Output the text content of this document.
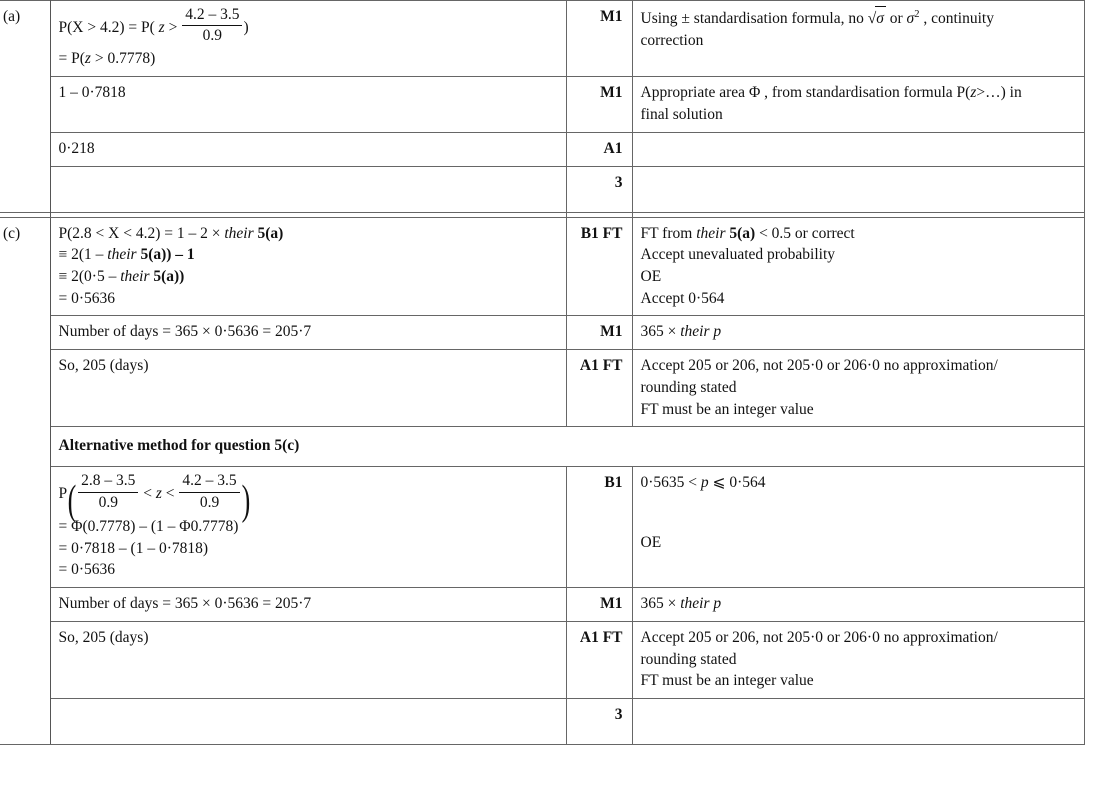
(a)	P(X > 4.2) = P( $z > \frac{4.2 - 3.5}{0.9}$ )
= P(z > 0.7778)	M1	Using ± standardisation formula, no √σ or $\sigma^2$ , continuity
correction

	1 – 0·7818	M1	Appropriate area Φ , from standardisation formula P(z>…) in
final solution

	0·218	A1	
		3	

(c)	P(2.8 < X < 4.2) = 1 – 2 × their 5(a)
≡ 2(1 – their 5(a)) – 1
≡ 2(0·5 – their 5(a))
= 0·5636	B1 FT	FT from their 5(a) < 0.5 or correct
Accept unevaluated probability
OE
Accept 0·564

	Number of days = 365 × 0·5636 = 205·7	M1	365 × their p

	So, 205 (days)	A1 FT	Accept 205 or 206, not 205·0 or 206·0 no approximation/
rounding stated
FT must be an integer value

	Alternative method for question 5(c)		

$P( \frac{2.8 - 3.5}{0.9} < z < \frac{4.2 - 3.5}{0.9}$ )
= Φ(0.7778) – (1 – Φ0.7778)
= 0·7818 – (1 – 0·7818)
= 0·5636
	B1	0·5635 < p ⩽ 0·564
OE

	Number of days = 365 × 0·5636 = 205·7	M1	365 × their p

	So, 205 (days)	A1 FT	Accept 205 or 206, not 205·0 or 206·0 no approximation/
rounding stated
FT must be an integer value

		3	
